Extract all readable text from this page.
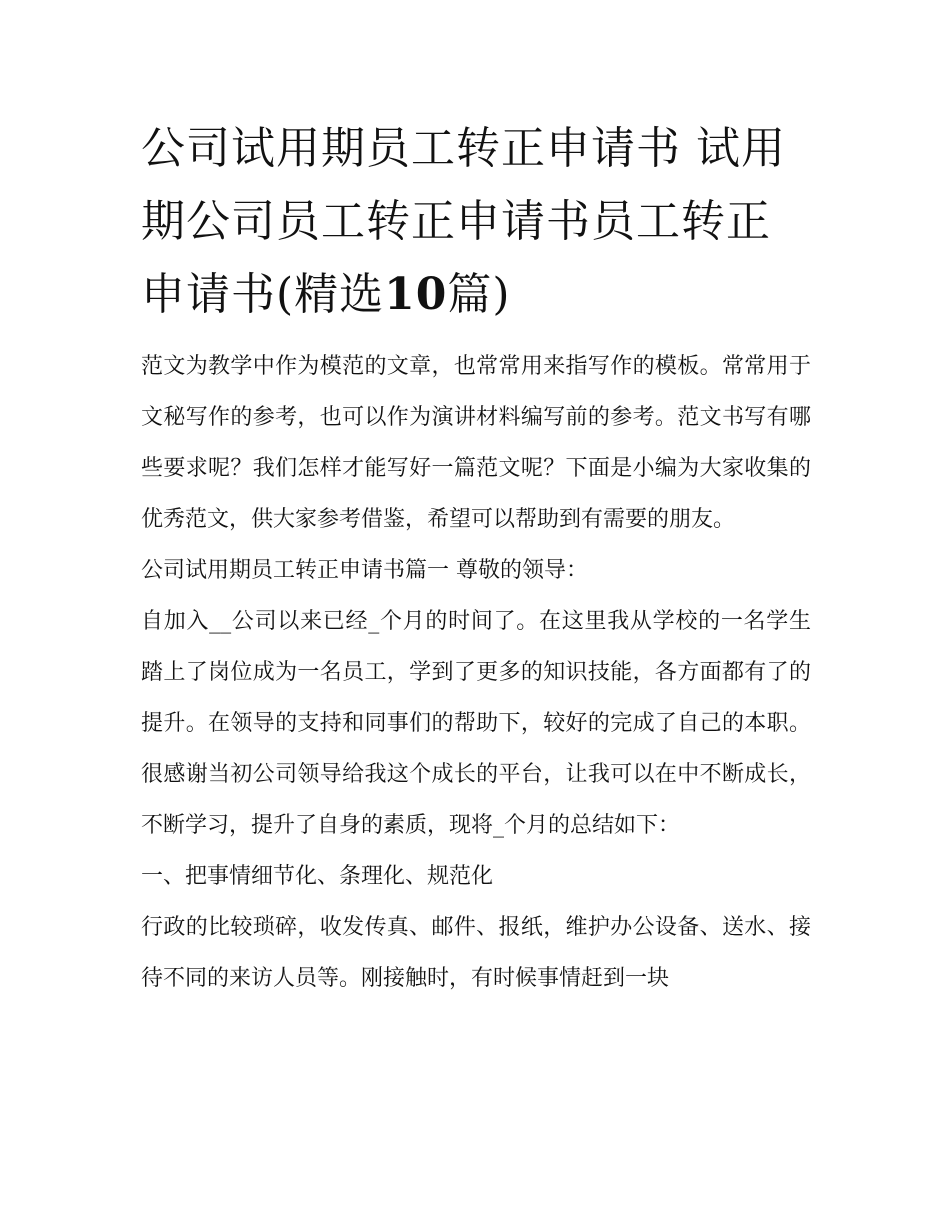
公司试用期员工转正申请书 试用期公司员工转正申请书员工转正申请书(精选10篇)

范文为教学中作为模范的文章，也常常用来指写作的模板。常常用于文秘写作的参考，也可以作为演讲材料编写前的参考。范文书写有哪些要求呢？我们怎样才能写好一篇范文呢？下面是小编为大家收集的优秀范文，供大家参考借鉴，希望可以帮助到有需要的朋友。

公司试用期员工转正申请书篇一 尊敬的领导：

自加入__公司以来已经_个月的时间了。在这里我从学校的一名学生踏上了岗位成为一名员工，学到了更多的知识技能，各方面都有了的提升。在领导的支持和同事们的帮助下，较好的完成了自己的本职。很感谢当初公司领导给我这个成长的平台，让我可以在中不断成长，不断学习，提升了自身的素质，现将_个月的总结如下：

一、把事情细节化、条理化、规范化

行政的比较琐碎，收发传真、邮件、报纸，维护办公设备、送水、接待不同的来访人员等。刚接触时，有时候事情赶到一块
